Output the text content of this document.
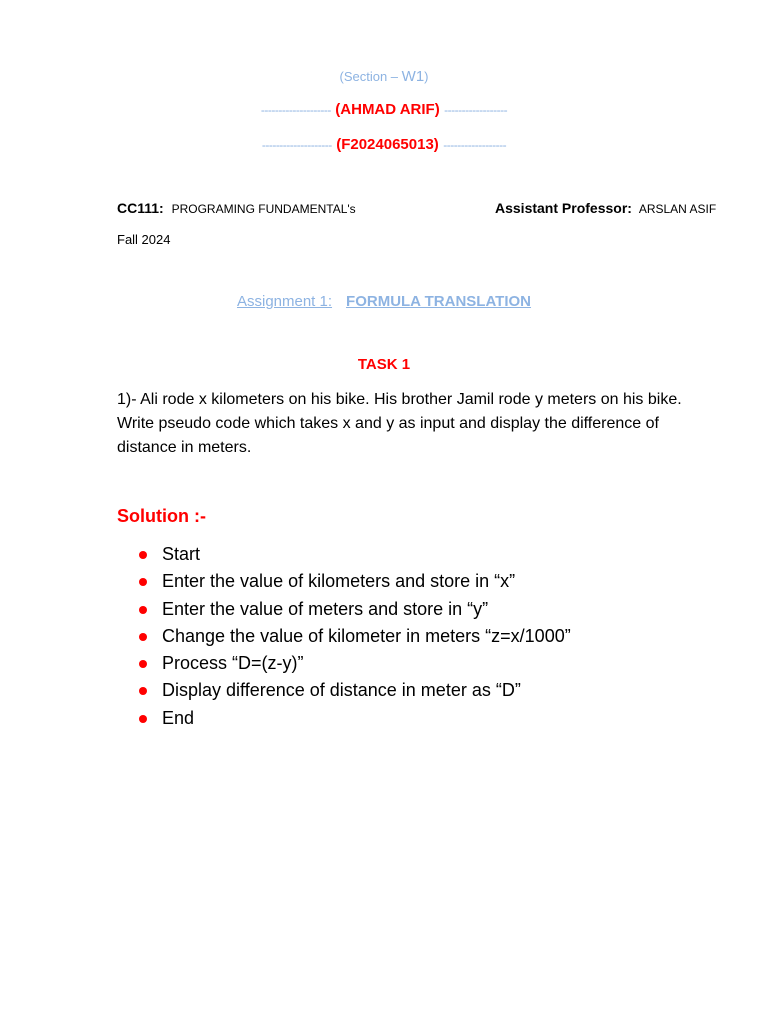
(Section – W1)
-------------------- (AHMAD ARIF) ------------------
-------------------- (F2024065013) ------------------
CC111: PROGRAMING FUNDAMENTAL's	Assistant Professor: ARSLAN ASIF
Fall 2024
Assignment 1: FORMULA TRANSLATION
TASK 1
1)- Ali rode x kilometers on his bike. His brother Jamil rode y meters on his bike. Write pseudo code which takes x and y as input and display the difference of distance in meters.
Solution :-
Start
Enter the value of kilometers and store in “x”
Enter the value of meters and store in “y”
Change the value of kilometer in meters “z=x/1000”
Process “D=(z-y)”
Display difference of distance in meter as “D”
End
